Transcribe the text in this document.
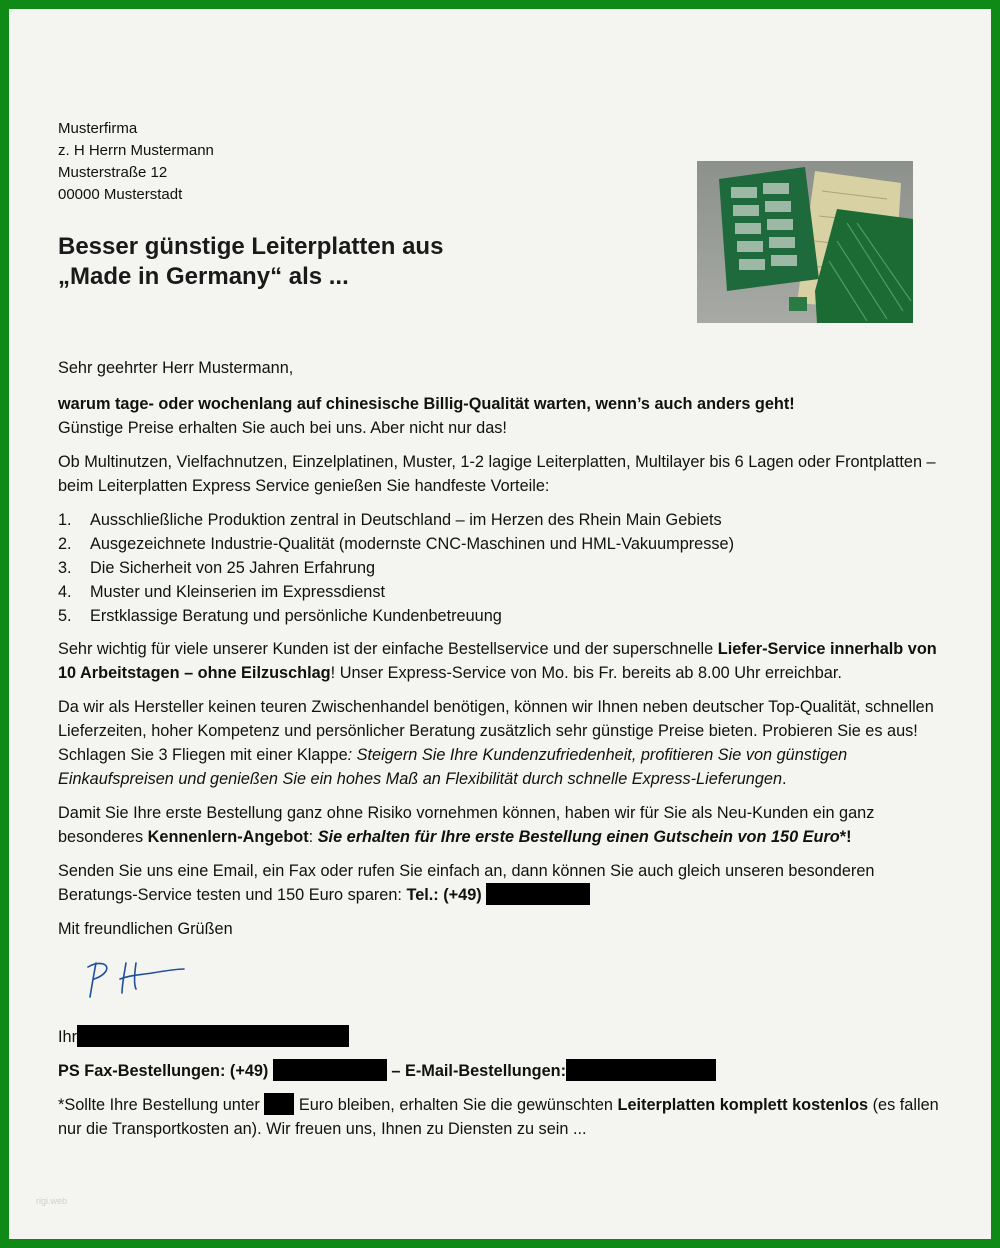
Musterfirma
z. H Herrn Mustermann
Musterstraße 12
00000 Musterstadt
Besser günstige Leiterplatten aus
„Made in Germany“ als ...

Sehr geehrter Herr Mustermann,

warum tage- oder wochenlang auf chinesische Billig-Qualität warten, wenn’s auch anders geht!
Günstige Preise erhalten Sie auch bei uns. Aber nicht nur das!

Ob Multinutzen, Vielfachnutzen, Einzelplatinen, Muster, 1-2 lagige Leiterplatten, Multilayer bis 6 Lagen oder Frontplatten – beim Leiterplatten Express Service genießen Sie handfeste Vorteile:

1.	Ausschließliche Produktion zentral in Deutschland – im Herzen des Rhein Main Gebiets
2.	Ausgezeichnete Industrie-Qualität (modernste CNC-Maschinen und HML-Vakuumpresse)
3.	Die Sicherheit von 25 Jahren Erfahrung
4.	Muster und Kleinserien im Expressdienst
5.	Erstklassige Beratung und persönliche Kundenbetreuung

Sehr wichtig für viele unserer Kunden ist der einfache Bestellservice und der superschnelle Liefer-Service innerhalb von 10 Arbeitstagen – ohne Eilzuschlag! Unser Express-Service von Mo. bis Fr. bereits ab 8.00 Uhr erreichbar.

Da wir als Hersteller keinen teuren Zwischenhandel benötigen, können wir Ihnen neben deutscher Top-Qualität, schnellen Lieferzeiten, hoher Kompetenz und persönlicher Beratung zusätzlich sehr günstige Preise bieten. Probieren Sie es aus! Schlagen Sie 3 Fliegen mit einer Klappe: Steigern Sie Ihre Kundenzufriedenheit, profitieren Sie von günstigen Einkaufspreisen und genießen Sie ein hohes Maß an Flexibilität durch schnelle Express-Lieferungen.

Damit Sie Ihre erste Bestellung ganz ohne Risiko vornehmen können, haben wir für Sie als Neu-Kunden ein ganz besonderes Kennenlern-Angebot: Sie erhalten für Ihre erste Bestellung einen Gutschein von 150 Euro*!

Senden Sie uns eine Email, ein Fax oder rufen Sie einfach an, dann können Sie auch gleich unseren besonderen Beratungs-Service testen und 150 Euro sparen: Tel.: (+49)

Mit freundlichen Grüßen

Ihr

PS Fax-Bestellungen: (+49)	– E-Mail-Bestellungen:

*Sollte Ihre Bestellung unter  Euro bleiben, erhalten Sie die gewünschten Leiterplatten komplett kostenlos (es fallen nur die Transportkosten an). Wir freuen uns, Ihnen zu Diensten zu sein ...

rigi.web
